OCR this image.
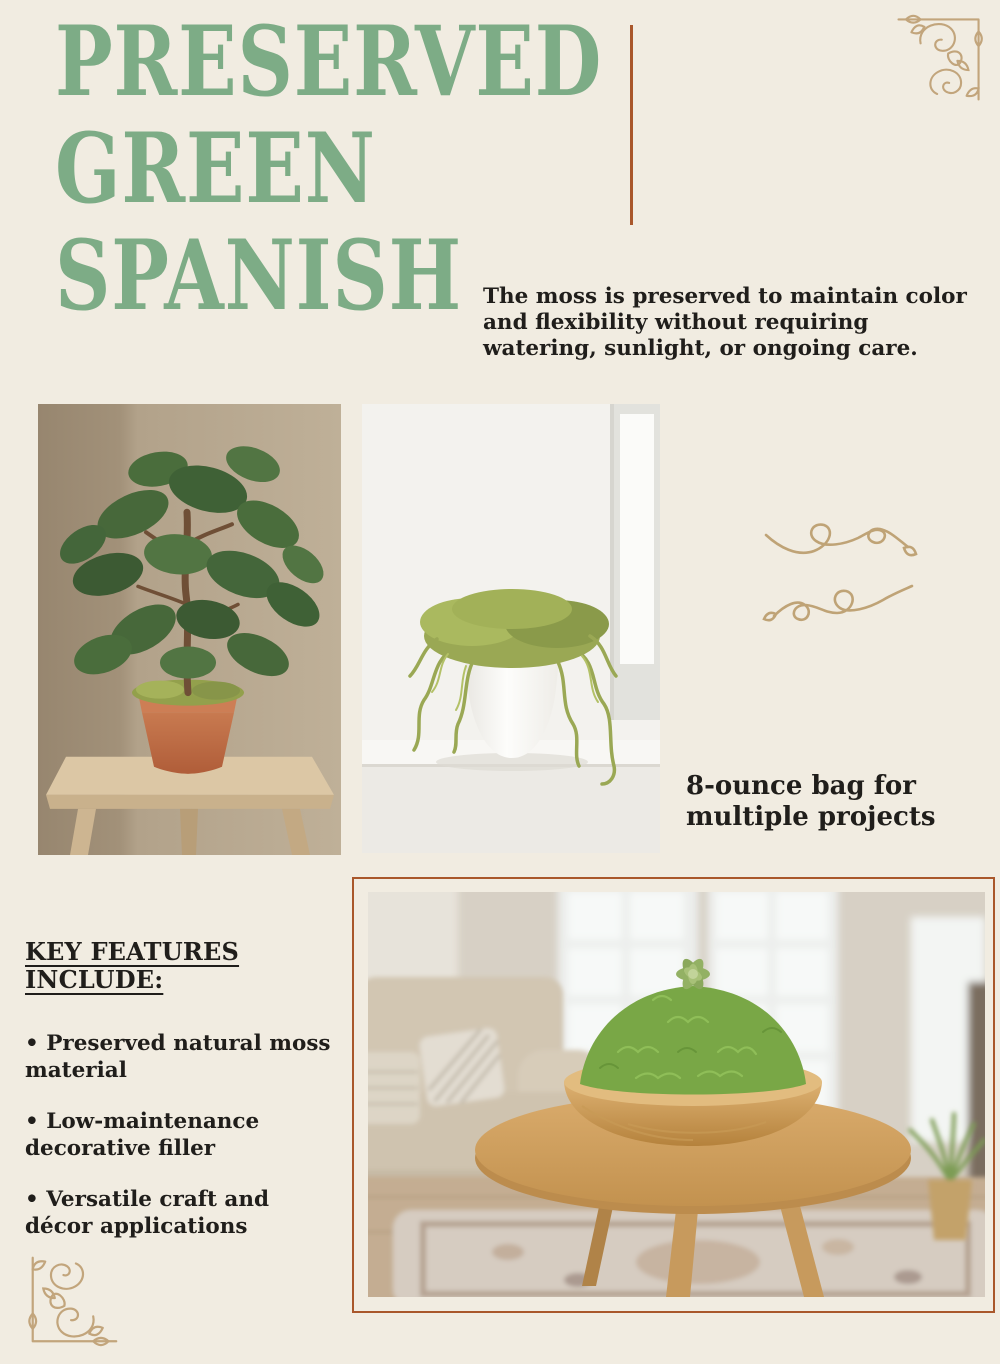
PRESERVED
GREEN
SPANISH The moss is preserved to maintain color and flexibility without requiring watering, sunlight, or ongoing care.

8-ounce bag for multiple projects

KEY FEATURES INCLUDE:

• Preserved natural moss material

• Low-maintenance decorative filler

• Versatile craft and décor applications
